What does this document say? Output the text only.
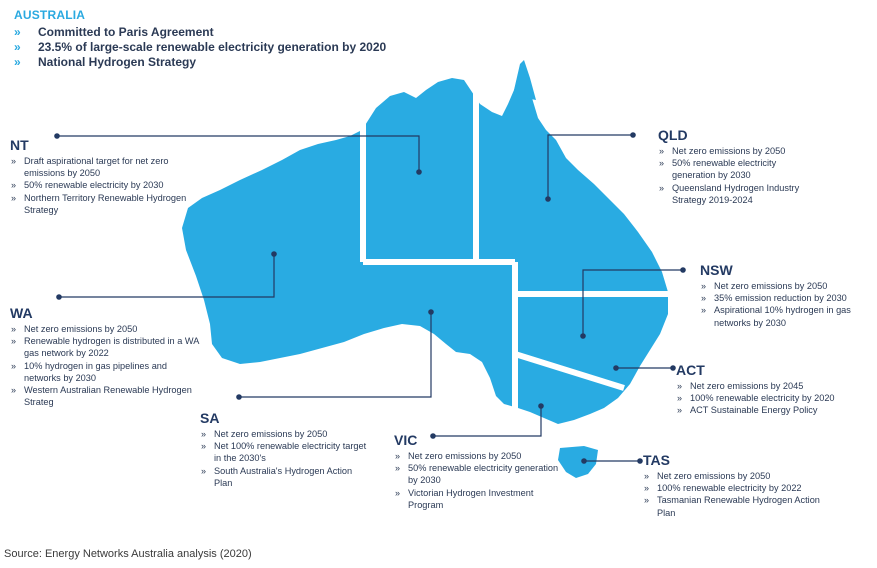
AUSTRALIA
» Committed to Paris Agreement
» 23.5% of large-scale renewable electricity generation by 2020
» National Hydrogen Strategy
NT
» Draft aspirational target for net zero emissions by 2050
» 50% renewable electricity by 2030
» Northern Territory Renewable Hydrogen Strategy
WA
» Net zero emissions by 2050
» Renewable hydrogen is distributed in a WA gas network by 2022
» 10% hydrogen in gas pipelines and networks by 2030
» Western Australian Renewable Hydrogen Strateg
SA
» Net zero emissions by 2050
» Net 100% renewable electricity target in the 2030's
» South Australia's Hydrogen Action Plan
VIC
» Net zero emissions by 2050
» 50% renewable electricity generation by 2030
» Victorian Hydrogen Investment Program
QLD
» Net zero emissions by 2050
» 50% renewable electricity generation by 2030
» Queensland Hydrogen Industry Strategy 2019-2024
NSW
» Net zero emissions by 2050
» 35% emission reduction by 2030
» Aspirational 10% hydrogen in gas networks by 2030
ACT
» Net zero emissions by 2045
» 100% renewable electricity by 2020
» ACT Sustainable Energy Policy
TAS
» Net zero emissions by 2050
» 100% renewable electricity by 2022
» Tasmanian Renewable Hydrogen Action Plan
Source: Energy Networks Australia analysis (2020)
